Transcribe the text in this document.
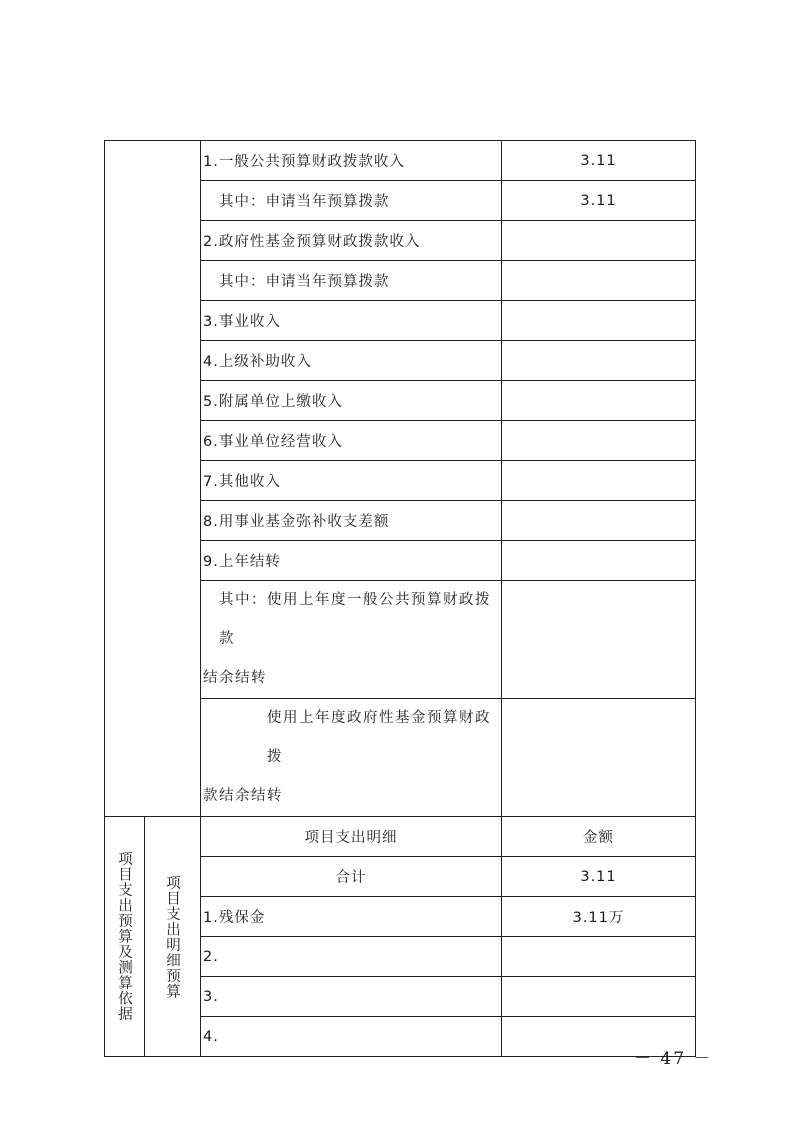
		1.一般公共预算财政拨款收入	3.11
		其中：申请当年预算拨款	3.11
		2.政府性基金预算财政拨款收入	
		其中：申请当年预算拨款	
		3.事业收入	
		4.上级补助收入	
		5.附属单位上缴收入	
		6.事业单位经营收入	
		7.其他收入	
		8.用事业基金弥补收支差额	
		9.上年结转	

		其中：使用上年度一般公共预算财政拨款
结余结转	

		使用上年度政府性基金预算财政拨
款结余结转	

项目支出预算及测算依据	项目支出明细预算	项目支出明细	金额
		合计	3.11
		1.残保金	3.11万
		2.	
		3.	
		4.	
－ 47 －
